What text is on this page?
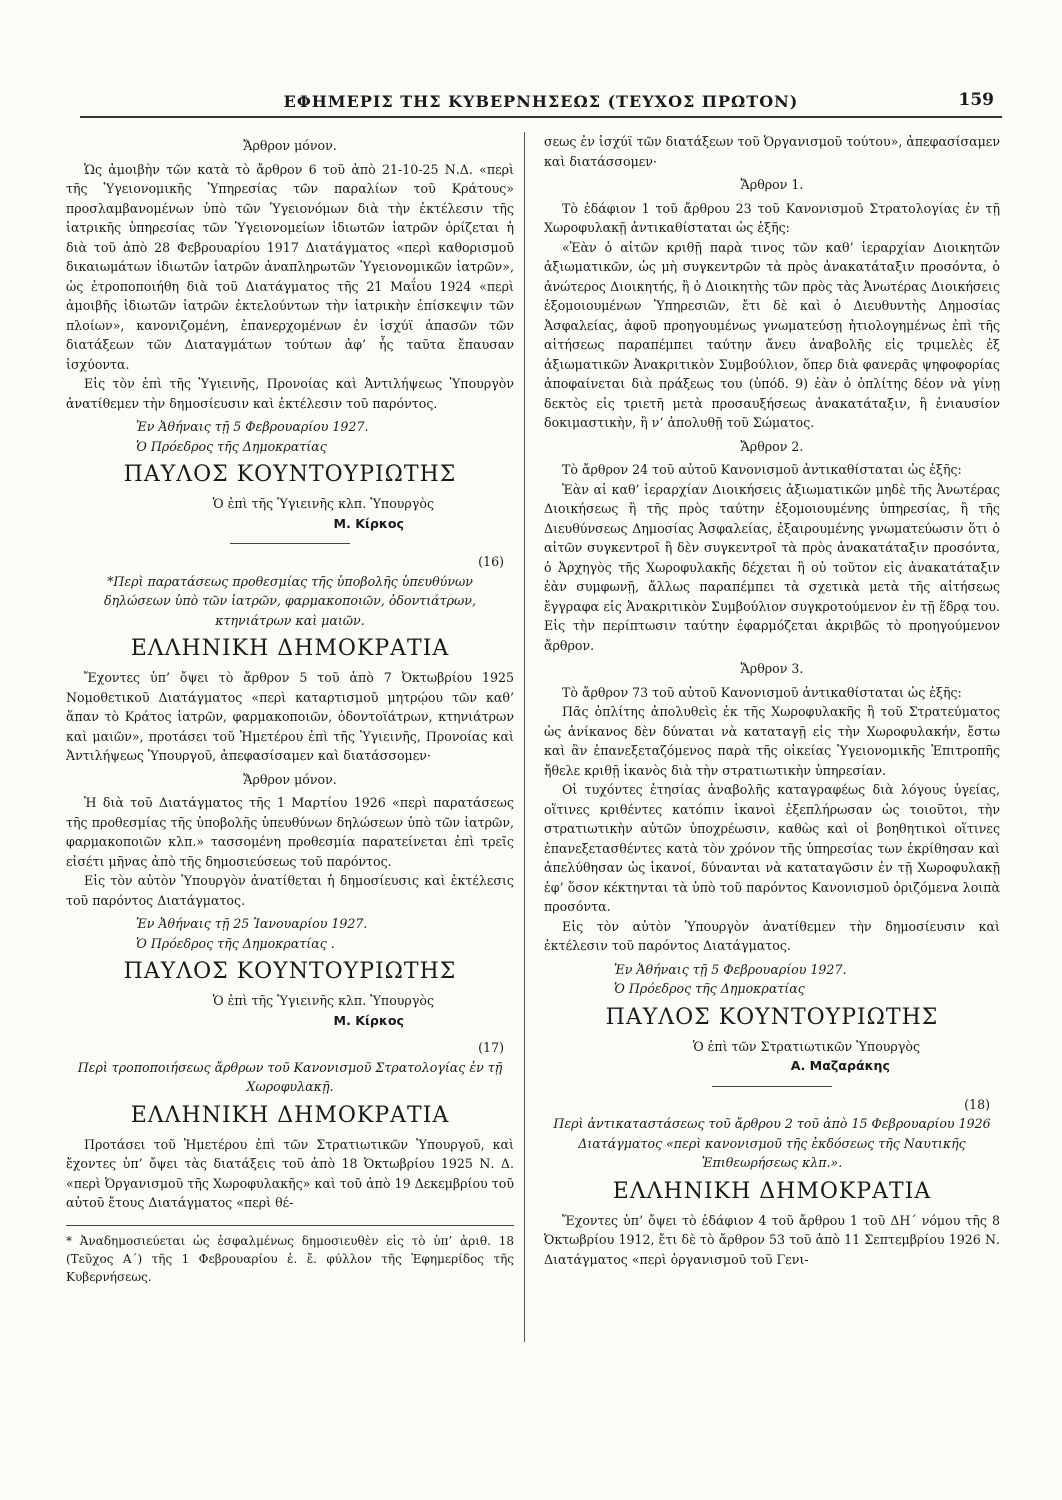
ΕΦΗΜΕΡΙΣ ΤΗΣ ΚΥΒΕΡΝΗΣΕΩΣ (ΤΕΥΧΟΣ ΠΡΩΤΟΝ)	159

Ἄρθρον μόνον.

Ὡς ἀμοιβὴν τῶν κατὰ τὸ ἄρθρον 6 τοῦ ἀπὸ 21-10-25 Ν.Δ. «περὶ τῆς Ὑγειονομικῆς Ὑπηρεσίας τῶν παραλίων τοῦ Κράτους» προσλαμβανομένων ὑπὸ τῶν Ὑγειονόμων διὰ τὴν ἐκτέλεσιν τῆς ἰατρικῆς ὑπηρεσίας τῶν Ὑγειονομείων ἰδιωτῶν ἰατρῶν ὁρίζεται ἡ διὰ τοῦ ἀπὸ 28 Φεβρουαρίου 1917 Διατάγματος «περὶ καθορισμοῦ δικαιωμάτων ἰδιωτῶν ἰατρῶν ἀναπληρωτῶν Ὑγειονομικῶν ἰατρῶν», ὡς ἐτροποποιήθη διὰ τοῦ Διατάγματος τῆς 21 Μαΐου 1924 «περὶ ἀμοιβῆς ἰδιωτῶν ἰατρῶν ἐκτελούντων τὴν ἰατρικὴν ἐπίσκεψιν τῶν πλοίων», κανονιζομένη, ἐπανερχομένων ἐν ἰσχύϊ ἁπασῶν τῶν διατάξεων τῶν Διαταγμάτων τούτων ἀφ’ ἧς ταῦτα ἔπαυσαν ἰσχύοντα.

Εἰς τὸν ἐπὶ τῆς Ὑγιεινῆς, Προνοίας καὶ Ἀντιλήψεως Ὑπουργὸν ἀνατίθεμεν τὴν δημοσίευσιν καὶ ἐκτέλεσιν τοῦ παρόντος.

Ἐν Ἀθήναις τῇ 5 Φεβρουαρίου 1927.

Ὁ Πρόεδρος τῆς Δημοκρατίας

ΠΑΥΛΟΣ ΚΟΥΝΤΟΥΡΙΩΤΗΣ

Ὁ ἐπὶ τῆς Ὑγιεινῆς κλπ. Ὑπουργὸς

Μ. Κίρκος

(16)

*Περὶ παρατάσεως προθεσμίας τῆς ὑποβολῆς ὑπευθύνων δηλώσεων ὑπὸ τῶν ἰατρῶν, φαρμακοποιῶν, ὀδοντιάτρων, κτηνιάτρων καὶ μαιῶν.

ΕΛΛΗΝΙΚΗ ΔΗΜΟΚΡΑΤΙΑ

Ἔχοντες ὑπ’ ὄψει τὸ ἄρθρον 5 τοῦ ἀπὸ 7 Ὀκτωβρίου 1925 Νομοθετικοῦ Διατάγματος «περὶ καταρτισμοῦ μητρῴου τῶν καθ’ ἅπαν τὸ Κράτος ἰατρῶν, φαρμακοποιῶν, ὀδοντοϊάτρων, κτηνιάτρων καὶ μαιῶν», προτάσει τοῦ Ἡμετέρου ἐπὶ τῆς Ὑγιεινῆς, Προνοίας καὶ Ἀντιλήψεως Ὑπουργοῦ, ἀπεφασίσαμεν καὶ διατάσσομεν·

Ἄρθρον μόνον.

Ἡ διὰ τοῦ Διατάγματος τῆς 1 Μαρτίου 1926 «περὶ παρατάσεως τῆς προθεσμίας τῆς ὑποβολῆς ὑπευθύνων δηλώσεων ὑπὸ τῶν ἰατρῶν, φαρμακοποιῶν κλπ.» τασσομένη προθεσμία παρατείνεται ἐπὶ τρεῖς εἰσέτι μῆνας ἀπὸ τῆς δημοσιεύσεως τοῦ παρόντος.

Εἰς τὸν αὐτὸν Ὑπουργὸν ἀνατίθεται ἡ δημοσίευσις καὶ ἐκτέλεσις τοῦ παρόντος Διατάγματος.

Ἐν Ἀθήναις τῇ 25 Ἰανουαρίου 1927.

Ὁ Πρόεδρος τῆς Δημοκρατίας .

ΠΑΥΛΟΣ ΚΟΥΝΤΟΥΡΙΩΤΗΣ

Ὁ ἐπὶ τῆς Ὑγιεινῆς κλπ. Ὑπουργὸς

Μ. Κίρκος

(17)

Περὶ τροποποιήσεως ἄρθρων τοῦ Κανονισμοῦ Στρατολογίας ἐν τῇ Χωροφυλακῇ.

ΕΛΛΗΝΙΚΗ ΔΗΜΟΚΡΑΤΙΑ

Προτάσει τοῦ Ἡμετέρου ἐπὶ τῶν Στρατιωτικῶν Ὑπουργοῦ, καὶ ἔχοντες ὑπ’ ὄψει τὰς διατάξεις τοῦ ἀπὸ 18 Ὀκτωβρίου 1925 Ν. Δ. «περὶ Ὀργανισμοῦ τῆς Χωροφυλακῆς» καὶ τοῦ ἀπὸ 19 Δεκεμβρίου τοῦ αὐτοῦ ἔτους Διατάγματος «περὶ θέ-

* Ἀναδημοσιεύεται ὡς ἐσφαλμένως δημοσιευθὲν εἰς τὸ ὑπ’ ἀριθ. 18 (Τεῦχος Α΄) τῆς 1 Φεβρουαρίου ἐ. ἔ. φύλλον τῆς Ἐφημερίδος τῆς Κυβερνήσεως.

σεως ἐν ἰσχύϊ τῶν διατάξεων τοῦ Ὀργανισμοῦ τούτου», ἀπεφασίσαμεν καὶ διατάσσομεν·

Ἄρθρον 1.

Τὸ ἐδάφιον 1 τοῦ ἄρθρου 23 τοῦ Κανονισμοῦ Στρατολογίας ἐν τῇ Χωροφυλακῇ ἀντικαθίσταται ὡς ἑξῆς:

«Ἐὰν ὁ αἰτῶν κριθῇ παρὰ τινος τῶν καθ’ ἱεραρχίαν Διοικητῶν ἀξιωματικῶν, ὡς μὴ συγκεντρῶν τὰ πρὸς ἀνακατάταξιν προσόντα, ὁ ἀνώτερος Διοικητής, ἢ ὁ Διοικητὴς τῶν πρὸς τὰς Ἀνωτέρας Διοικήσεις ἐξομοιουμένων Ὑπηρεσιῶν, ἔτι δὲ καὶ ὁ Διευθυντὴς Δημοσίας Ἀσφαλείας, ἀφοῦ προηγουμένως γνωματεύσῃ ἠτιολογημένως ἐπὶ τῆς αἰτήσεως παραπέμπει ταύτην ἄνευ ἀναβολῆς εἰς τριμελὲς ἐξ ἀξιωματικῶν Ἀνακριτικὸν Συμβούλιον, ὅπερ διὰ φανερᾶς ψηφοφορίας ἀποφαίνεται διὰ πράξεως του (ὑπόδ. 9) ἐὰν ὁ ὁπλίτης δέον νὰ γίνῃ δεκτὸς εἰς τριετῆ μετὰ προσαυξήσεως ἀνακατάταξιν, ἢ ἐνιαυσίον δοκιμαστικὴν, ἢ ν’ ἀπολυθῇ τοῦ Σώματος.

Ἄρθρον 2.

Τὸ ἄρθρον 24 τοῦ αὐτοῦ Κανονισμοῦ ἀντικαθίσταται ὡς ἑξῆς:

Ἐὰν αἱ καθ’ ἱεραρχίαν Διοικήσεις ἀξιωματικῶν μηδὲ τῆς Ἀνωτέρας Διοικήσεως ἢ τῆς πρὸς ταύτην ἐξομοιουμένης ὑπηρεσίας, ἢ τῆς Διευθύνσεως Δημοσίας Ἀσφαλείας, ἐξαιρουμένης γνωματεύωσιν ὅτι ὁ αἰτῶν συγκεντροῖ ἢ δὲν συγκεντροῖ τὰ πρὸς ἀνακατάταξιν προσόντα, ὁ Ἀρχηγὸς τῆς Χωροφυλακῆς δέχεται ἢ οὐ τοῦτον εἰς ἀνακατάταξιν ἐὰν συμφωνῇ, ἄλλως παραπέμπει τὰ σχετικὰ μετὰ τῆς αἰτήσεως ἔγγραφα εἰς Ἀνακριτικὸν Συμβούλιον συγκροτούμενον ἐν τῇ ἕδρᾳ του. Εἰς τὴν περίπτωσιν ταύτην ἐφαρμόζεται ἀκριβῶς τὸ προηγούμενον ἄρθρον.

Ἄρθρον 3.

Τὸ ἄρθρον 73 τοῦ αὐτοῦ Κανονισμοῦ ἀντικαθίσταται ὡς ἑξῆς:

Πᾶς ὁπλίτης ἀπολυθεὶς ἐκ τῆς Χωροφυλακῆς ἢ τοῦ Στρατεύματος ὡς ἀνίκανος δὲν δύναται νὰ καταταγῇ εἰς τὴν Χωροφυλακήν, ἔστω καὶ ἂν ἐπανεξεταζόμενος παρὰ τῆς οἰκείας Ὑγειονομικῆς Ἐπιτροπῆς ἤθελε κριθῇ ἱκανὸς διὰ τὴν στρατιωτικὴν ὑπηρεσίαν.

Οἱ τυχόντες ἐτησίας ἀναβολῆς καταγραφέως διὰ λόγους ὑγείας, οἵτινες κριθέντες κατόπιν ἱκανοὶ ἐξεπλήρωσαν ὡς τοιοῦτοι, τὴν στρατιωτικὴν αὐτῶν ὑποχρέωσιν, καθὼς καὶ οἱ βοηθητικοὶ οἵτινες ἐπανεξετασθέντες κατὰ τὸν χρόνον τῆς ὑπηρεσίας των ἐκρίθησαν καὶ ἀπελύθησαν ὡς ἱκανοί, δύνανται νὰ καταταγῶσιν ἐν τῇ Χωροφυλακῇ ἐφ’ ὅσον κέκτηνται τὰ ὑπὸ τοῦ παρόντος Κανονισμοῦ ὁριζόμενα λοιπὰ προσόντα.

Εἰς τὸν αὐτὸν Ὑπουργὸν ἀνατίθεμεν τὴν δημοσίευσιν καὶ ἐκτέλεσιν τοῦ παρόντος Διατάγματος.

Ἐν Ἀθήναις τῇ 5 Φεβρουαρίου 1927.

Ὁ Πρόεδρος τῆς Δημοκρατίας

ΠΑΥΛΟΣ ΚΟΥΝΤΟΥΡΙΩΤΗΣ

Ὁ ἐπὶ τῶν Στρατιωτικῶν Ὑπουργὸς

Α. Μαζαράκης

(18)

Περὶ ἀντικαταστάσεως τοῦ ἄρθρου 2 τοῦ ἀπὸ 15 Φεβρουαρίου 1926 Διατάγματος «περὶ κανονισμοῦ τῆς ἐκδόσεως τῆς Ναυτικῆς Ἐπιθεωρήσεως κλπ.».

ΕΛΛΗΝΙΚΗ ΔΗΜΟΚΡΑΤΙΑ

Ἔχοντες ὑπ’ ὄψει τὸ ἐδάφιον 4 τοῦ ἄρθρου 1 τοῦ ΔΗ΄ νόμου τῆς 8 Ὀκτωβρίου 1912, ἔτι δὲ τὸ ἄρθρον 53 τοῦ ἀπὸ 11 Σεπτεμβρίου 1926 Ν. Διατάγματος «περὶ ὀργανισμοῦ τοῦ Γενι-
